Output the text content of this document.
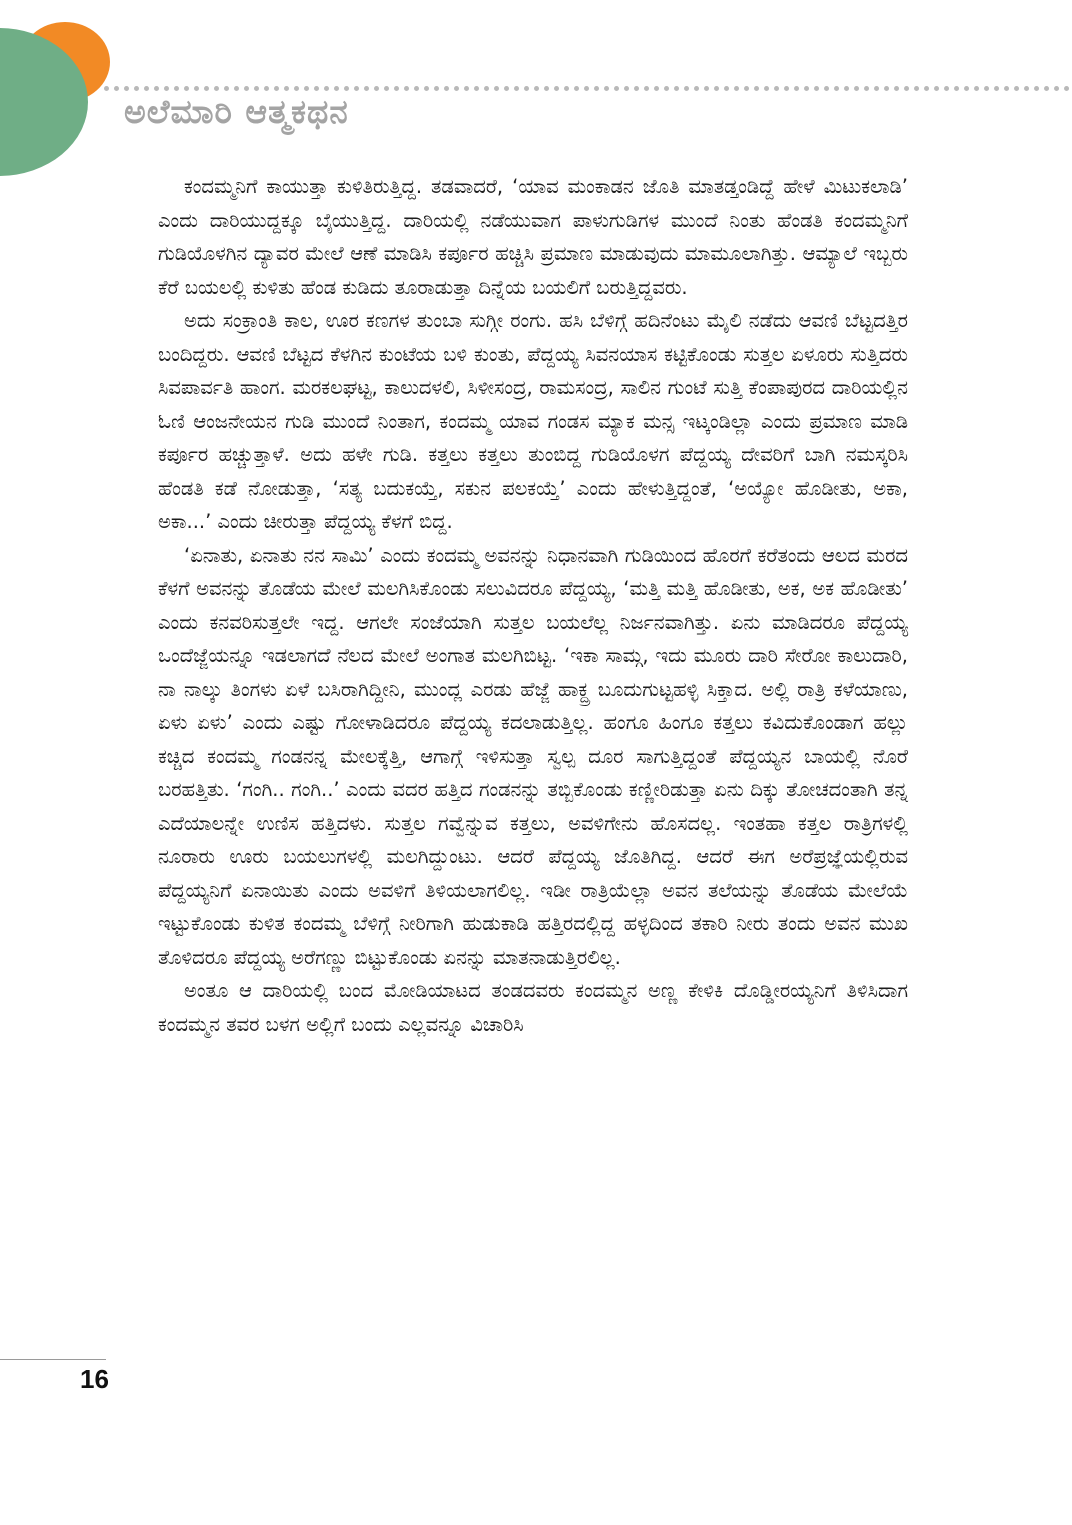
ಅಲೆಮಾರಿ ಆತ್ಮಕಥನ

ಕಂದಮ್ಮನಿಗೆ ಕಾಯುತ್ತಾ ಕುಳಿತಿರುತ್ತಿದ್ದ. ತಡವಾದರೆ, ‘ಯಾವ ಮಂಕಾಡನ ಜೊತಿ ಮಾತಡ್ತಂಡಿದ್ದೆ ಹೇಳೆ ಮಿಟುಕಲಾಡಿ’ ಎಂದು ದಾರಿಯುದ್ದಕ್ಕೂ ಬೈಯುತ್ತಿದ್ದ. ದಾರಿಯಲ್ಲಿ ನಡೆಯುವಾಗ ಪಾಳುಗುಡಿಗಳ ಮುಂದೆ ನಿಂತು ಹೆಂಡತಿ ಕಂದಮ್ಮನಿಗೆ ಗುಡಿಯೊಳಗಿನ ದ್ಯಾವರ ಮೇಲೆ ಆಣೆ ಮಾಡಿಸಿ ಕರ್ಪೂರ ಹಚ್ಚಿಸಿ ಪ್ರಮಾಣ ಮಾಡುವುದು ಮಾಮೂಲಾಗಿತ್ತು. ಆಮ್ಯಾಲೆ ಇಬ್ಬರು ಕೆರೆ ಬಯಲಲ್ಲಿ ಕುಳಿತು ಹೆಂಡ ಕುಡಿದು ತೂರಾಡುತ್ತಾ ದಿನ್ನೆಯ ಬಯಲಿಗೆ ಬರುತ್ತಿದ್ದವರು.

ಅದು ಸಂಕ್ರಾಂತಿ ಕಾಲ, ಊರ ಕಣಗಳ ತುಂಬಾ ಸುಗ್ಗೀ ರಂಗು. ಹಸಿ ಬೆಳಿಗ್ಗೆ ಹದಿನೆಂಟು ಮೈಲಿ ನಡೆದು ಆವಣಿ ಬೆಟ್ಟದತ್ತಿರ ಬಂದಿದ್ದರು. ಆವಣಿ ಬೆಟ್ಟದ ಕೆಳಗಿನ ಕುಂಟೆಯ ಬಳಿ ಕುಂತು, ಪೆದ್ದಯ್ಯ ಸಿವನಯಾಸ ಕಟ್ಟಿಕೊಂಡು ಸುತ್ತಲ ಏಳೂರು ಸುತ್ತಿದರು ಸಿವಪಾರ್ವತಿ ಹಾಂಗ. ಮರಕಲಘಟ್ಟ, ಕಾಲುದಳಲಿ, ಸಿಳೀಸಂದ್ರ, ರಾಮಸಂದ್ರ, ಸಾಲಿನ ಗುಂಟೆ ಸುತ್ತಿ ಕೆಂಪಾಪುರದ ದಾರಿಯಲ್ಲಿನ ಓಣಿ ಆಂಜನೇಯನ ಗುಡಿ ಮುಂದೆ ನಿಂತಾಗ, ಕಂದಮ್ಮ ಯಾವ ಗಂಡಸ ಮ್ಯಾಕ ಮನ್ಸ ಇಟ್ಕಂಡಿಲ್ಲಾ ಎಂದು ಪ್ರಮಾಣ ಮಾಡಿ ಕರ್ಪೂರ ಹಚ್ಚುತ್ತಾಳೆ. ಅದು ಹಳೇ ಗುಡಿ. ಕತ್ತಲು ಕತ್ತಲು ತುಂಬಿದ್ದ ಗುಡಿಯೊಳಗ ಪೆದ್ದಯ್ಯ ದೇವರಿಗೆ ಬಾಗಿ ನಮಸ್ಕರಿಸಿ ಹೆಂಡತಿ ಕಡೆ ನೋಡುತ್ತಾ, ‘ಸತ್ಯ ಬದುಕಯ್ತೆ, ಸಕುನ ಪಲಕಯ್ತೆ’ ಎಂದು ಹೇಳುತ್ತಿದ್ದಂತೆ, ‘ಅಯ್ಯೋ ಹೊಡೀತು, ಅಕಾ, ಅಕಾ...’ ಎಂದು ಚೀರುತ್ತಾ ಪೆದ್ದಯ್ಯ ಕೆಳಗೆ ಬಿದ್ದ.

‘ಏನಾತು, ಏನಾತು ನನ ಸಾಮಿ’ ಎಂದು ಕಂದಮ್ಮ ಅವನನ್ನು ನಿಧಾನವಾಗಿ ಗುಡಿಯಿಂದ ಹೊರಗೆ ಕರೆತಂದು ಆಲದ ಮರದ ಕೆಳಗೆ ಅವನನ್ನು ತೊಡೆಯ ಮೇಲೆ ಮಲಗಿಸಿಕೊಂಡು ಸಲುವಿದರೂ ಪೆದ್ದಯ್ಯ, ‘ಮತ್ತಿ ಮತ್ತಿ ಹೊಡೀತು, ಅಕ, ಅಕ ಹೊಡೀತು’ ಎಂದು ಕನವರಿಸುತ್ತಲೇ ಇದ್ದ. ಆಗಲೇ ಸಂಜೆಯಾಗಿ ಸುತ್ತಲ ಬಯಲೆಲ್ಲ ನಿರ್ಜನವಾಗಿತ್ತು. ಏನು ಮಾಡಿದರೂ ಪೆದ್ದಯ್ಯ ಒಂದೆಜ್ಜೆಯನ್ನೂ ಇಡಲಾಗದೆ ನೆಲದ ಮೇಲೆ ಅಂಗಾತ ಮಲಗಿಬಿಟ್ಟ. ‘ಇಕಾ ಸಾಮ್ಗ, ಇದು ಮೂರು ದಾರಿ ಸೇರೋ ಕಾಲುದಾರಿ, ನಾ ನಾಲ್ಕು ತಿಂಗಳು ಏಳೆ ಬಸಿರಾಗಿದ್ದೀನಿ, ಮುಂದ್ಲ ಎರಡು ಹೆಜ್ಜೆ ಹಾಕ್ದ್ರ ಬೂದುಗುಟ್ಟಹಳ್ಳಿ ಸಿಕ್ತಾದ. ಅಲ್ಲಿ ರಾತ್ರಿ ಕಳೆಯಾಣು, ಏಳು ಏಳು’ ಎಂದು ಎಷ್ಟು ಗೋಳಾಡಿದರೂ ಪೆದ್ದಯ್ಯ ಕದಲಾಡುತ್ತಿಲ್ಲ. ಹಂಗೂ ಹಿಂಗೂ ಕತ್ತಲು ಕವಿದುಕೊಂಡಾಗ ಹಲ್ಲು ಕಚ್ಚಿದ ಕಂದಮ್ಮ ಗಂಡನನ್ನ ಮೇಲಕ್ಕೆತ್ತಿ, ಆಗಾಗ್ಗೆ ಇಳಿಸುತ್ತಾ ಸ್ವಲ್ಪ ದೂರ ಸಾಗುತ್ತಿದ್ದಂತೆ ಪೆದ್ದಯ್ಯನ ಬಾಯಲ್ಲಿ ನೊರೆ ಬರಹತ್ತಿತು. ‘ಗಂಗಿ.. ಗಂಗಿ..’ ಎಂದು ವದರ ಹತ್ತಿದ ಗಂಡನನ್ನು ತಬ್ಬಿಕೊಂಡು ಕಣ್ಣೀರಿಡುತ್ತಾ ಏನು ದಿಕ್ಕು ತೋಚದಂತಾಗಿ ತನ್ನ ಎದೆಯಾಲನ್ನೇ ಉಣಿಸ ಹತ್ತಿದಳು. ಸುತ್ತಲ ಗವ್ವೆನ್ನುವ ಕತ್ತಲು, ಅವಳಿಗೇನು ಹೊಸದಲ್ಲ. ಇಂತಹಾ ಕತ್ತಲ ರಾತ್ರಿಗಳಲ್ಲಿ ನೂರಾರು ಊರು ಬಯಲುಗಳಲ್ಲಿ ಮಲಗಿದ್ದುಂಟು. ಆದರೆ ಪೆದ್ದಯ್ಯ ಜೊತಿಗಿದ್ದ. ಆದರೆ ಈಗ ಅರೆಪ್ರಜ್ಞೆಯಲ್ಲಿರುವ ಪೆದ್ದಯ್ಯನಿಗೆ ಏನಾಯಿತು ಎಂದು ಅವಳಿಗೆ ತಿಳಿಯಲಾಗಲಿಲ್ಲ. ಇಡೀ ರಾತ್ರಿಯೆಲ್ಲಾ ಅವನ ತಲೆಯನ್ನು ತೊಡೆಯ ಮೇಲೆಯೆ ಇಟ್ಟುಕೊಂಡು ಕುಳಿತ ಕಂದಮ್ಮ ಬೆಳಿಗ್ಗೆ ನೀರಿಗಾಗಿ ಹುಡುಕಾಡಿ ಹತ್ತಿರದಲ್ಲಿದ್ದ ಹಳ್ಳದಿಂದ ತಕಾರಿ ನೀರು ತಂದು ಅವನ ಮುಖ ತೊಳಿದರೂ ಪೆದ್ದಯ್ಯ ಅರೆಗಣ್ಣು ಬಿಟ್ಟುಕೊಂಡು ಏನನ್ನು ಮಾತನಾಡುತ್ತಿರಲಿಲ್ಲ.

ಅಂತೂ ಆ ದಾರಿಯಲ್ಲಿ ಬಂದ ಮೋಡಿಯಾಟದ ತಂಡದವರು ಕಂದಮ್ಮನ ಅಣ್ಣ ಕೇಳಿಕಿ ದೊಡ್ಡೀರಯ್ಯನಿಗೆ ತಿಳಿಸಿದಾಗ ಕಂದಮ್ಮನ ತವರ ಬಳಗ ಅಲ್ಲಿಗೆ ಬಂದು ಎಲ್ಲವನ್ನೂ ವಿಚಾರಿಸಿ

16
